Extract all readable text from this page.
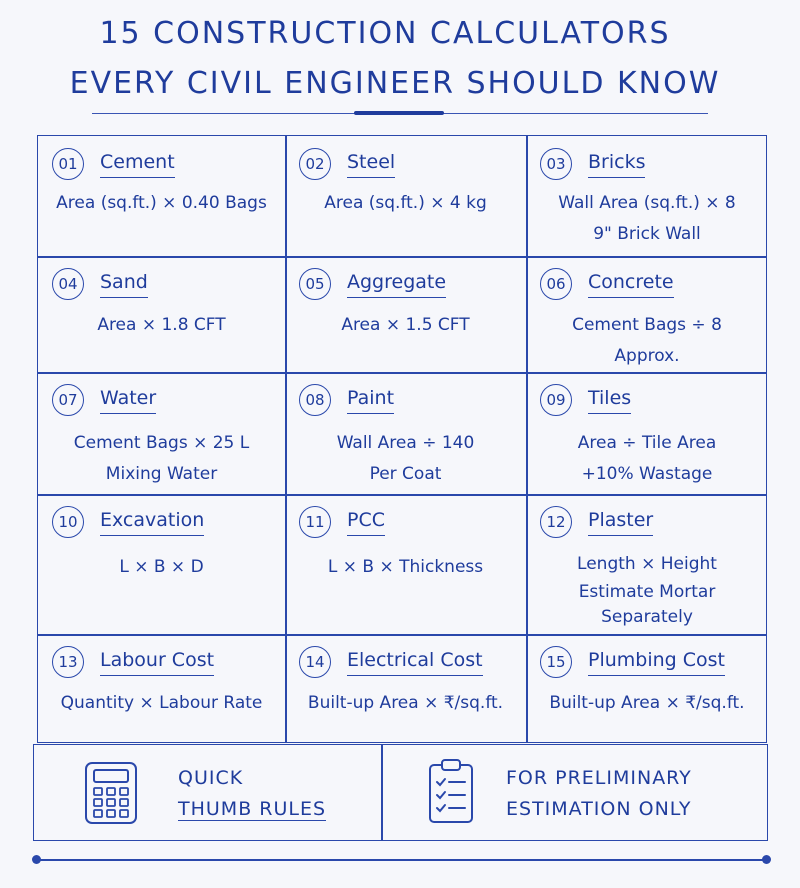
15 CONSTRUCTION CALCULATORS
EVERY CIVIL ENGINEER SHOULD KNOW
01	Cement
Area (sq.ft.) × 0.40 Bags
02	Steel
Area (sq.ft.) × 4 kg
03	Bricks
Wall Area (sq.ft.) × 8
9" Brick Wall
04	Sand
Area × 1.8 CFT
05	Aggregate
Area × 1.5 CFT
06	Concrete
Cement Bags ÷ 8
Approx.
07	Water
Cement Bags × 25 L
Mixing Water
08	Paint
Wall Area ÷ 140
Per Coat
09	Tiles
Area ÷ Tile Area
+10% Wastage
10	Excavation
L × B × D
11	PCC
L × B × Thickness
12	Plaster
Length × Height
Estimate Mortar
Separately
13	Labour Cost
Quantity × Labour Rate
14	Electrical Cost
Built-up Area × ₹/sq.ft.
15	Plumbing Cost
Built-up Area × ₹/sq.ft.
QUICK
THUMB RULES
FOR PRELIMINARY
ESTIMATION ONLY
